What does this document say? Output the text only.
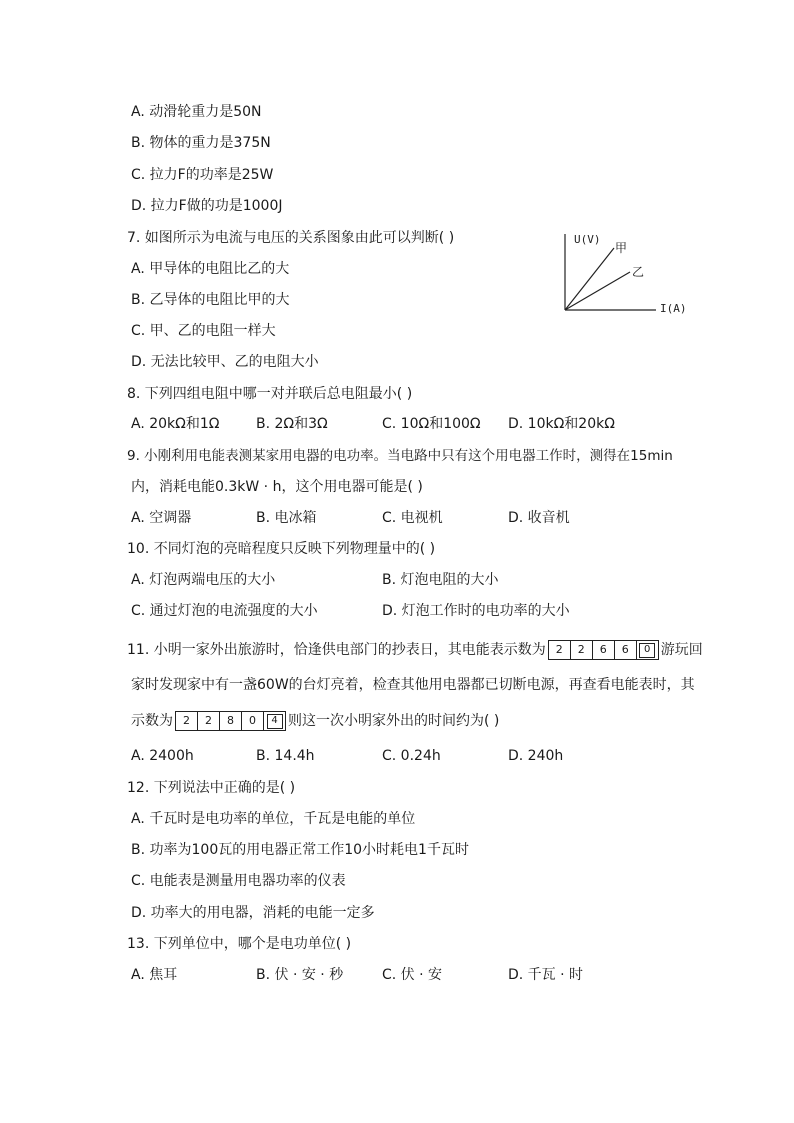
A. 动滑轮重力是50N
B. 物体的重力是375N
C. 拉力F的功率是25W
D. 拉力F做的功是1000J
7. 如图所示为电流与电压的关系图象由此可以判断( )
A. 甲导体的电阻比乙的大
B. 乙导体的电阻比甲的大
C. 甲、乙的电阻一样大
D. 无法比较甲、乙的电阻大小
U(V)
甲
乙
I(A)
8. 下列四组电阻中哪一对并联后总电阻最小( )
A. 20kΩ和1Ω	B. 2Ω和3Ω	C. 10Ω和100Ω D. 10kΩ和20kΩ
9. 小刚利用电能表测某家用电器的电功率。当电路中只有这个用电器工作时，测得在15min
内，消耗电能0.3kW · h，这个用电器可能是( )
A. 空调器	B. 电冰箱	C. 电视机	D. 收音机
10. 不同灯泡的亮暗程度只反映下列物理量中的( )
A. 灯泡两端电压的大小	B. 灯泡电阻的大小
C. 通过灯泡的电流强度的大小	D. 灯泡工作时的电功率的大小
11. 小明一家外出旅游时，恰逢供电部门的抄表日，其电能表示数为 2	2	6	6	0 游玩回
家时发现家中有一盏60W的台灯亮着，检查其他用电器都已切断电源，再查看电能表时，其
示数为 2	2	8	0	4 则这一次小明家外出的时间约为( )
A. 2400h	B. 14.4h	C. 0.24h	D. 240h
12. 下列说法中正确的是( )
A. 千瓦时是电功率的单位，千瓦是电能的单位
B. 功率为100瓦的用电器正常工作10小时耗电1千瓦时
C. 电能表是测量用电器功率的仪表
D. 功率大的用电器，消耗的电能一定多
13. 下列单位中，哪个是电功单位( )
A. 焦耳	B. 伏 · 安 · 秒	C. 伏 · 安	D. 千瓦 · 时
